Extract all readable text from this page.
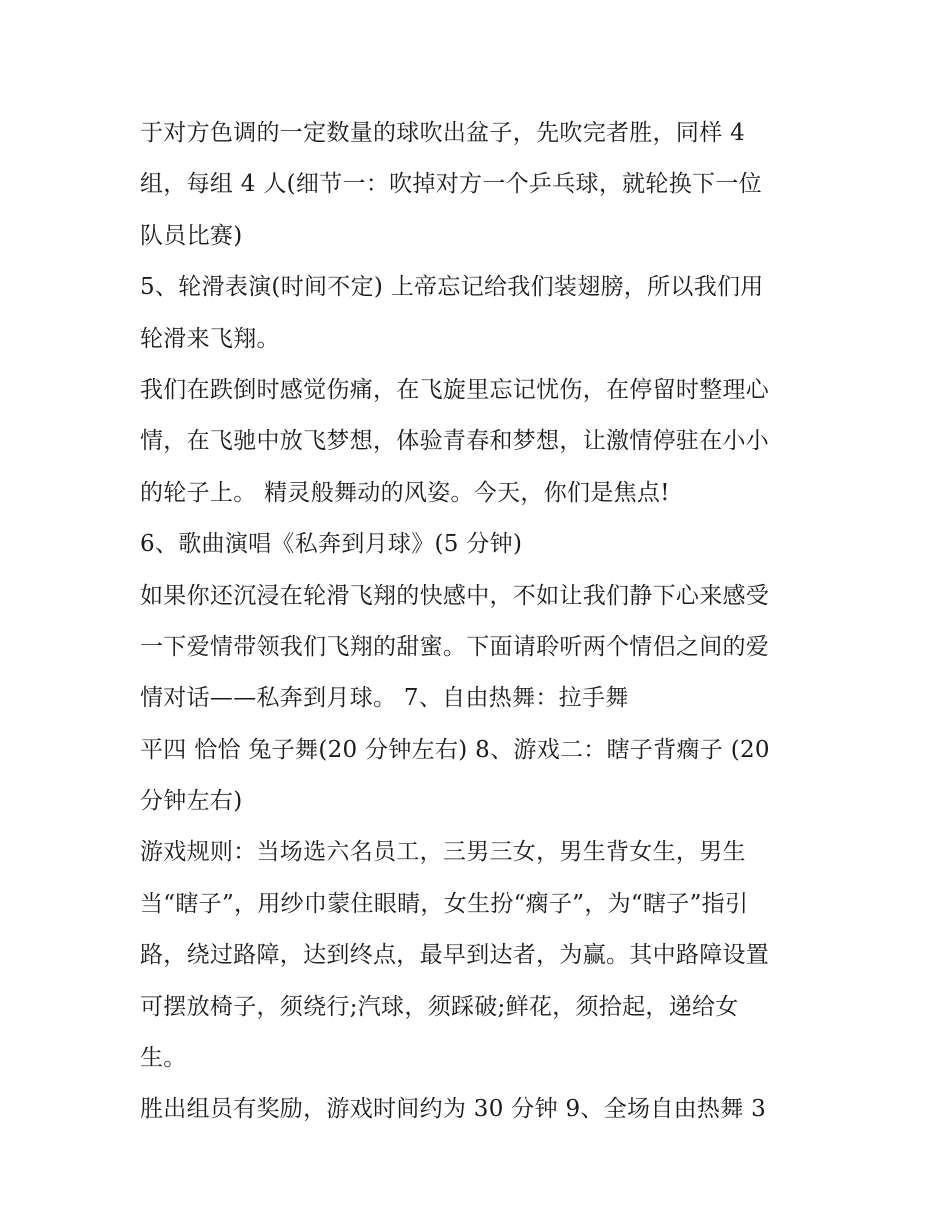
于对方色调的一定数量的球吹出盆子，先吹完者胜，同样 4
组，每组 4 人(细节一：吹掉对方一个乒乓球，就轮换下一位
队员比赛)
5、轮滑表演(时间不定) 上帝忘记给我们装翅膀，所以我们用
轮滑来飞翔。
我们在跌倒时感觉伤痛，在飞旋里忘记忧伤，在停留时整理心
情，在飞驰中放飞梦想，体验青春和梦想，让激情停驻在小小
的轮子上。 精灵般舞动的风姿。今天，你们是焦点!
6、歌曲演唱《私奔到月球》(5 分钟)
如果你还沉浸在轮滑飞翔的快感中，不如让我们静下心来感受
一下爱情带领我们飞翔的甜蜜。下面请聆听两个情侣之间的爱
情对话——私奔到月球。 7、自由热舞：拉手舞
平四 恰恰 兔子舞(20 分钟左右) 8、游戏二：瞎子背瘸子 (20
分钟左右)
游戏规则：当场选六名员工，三男三女，男生背女生，男生
当“瞎子”，用纱巾蒙住眼睛，女生扮“瘸子”，为“瞎子”指引
路，绕过路障，达到终点，最早到达者，为赢。其中路障设置
可摆放椅子，须绕行;汽球，须踩破;鲜花，须拾起，递给女
生。
胜出组员有奖励，游戏时间约为 30 分钟 9、全场自由热舞 3
